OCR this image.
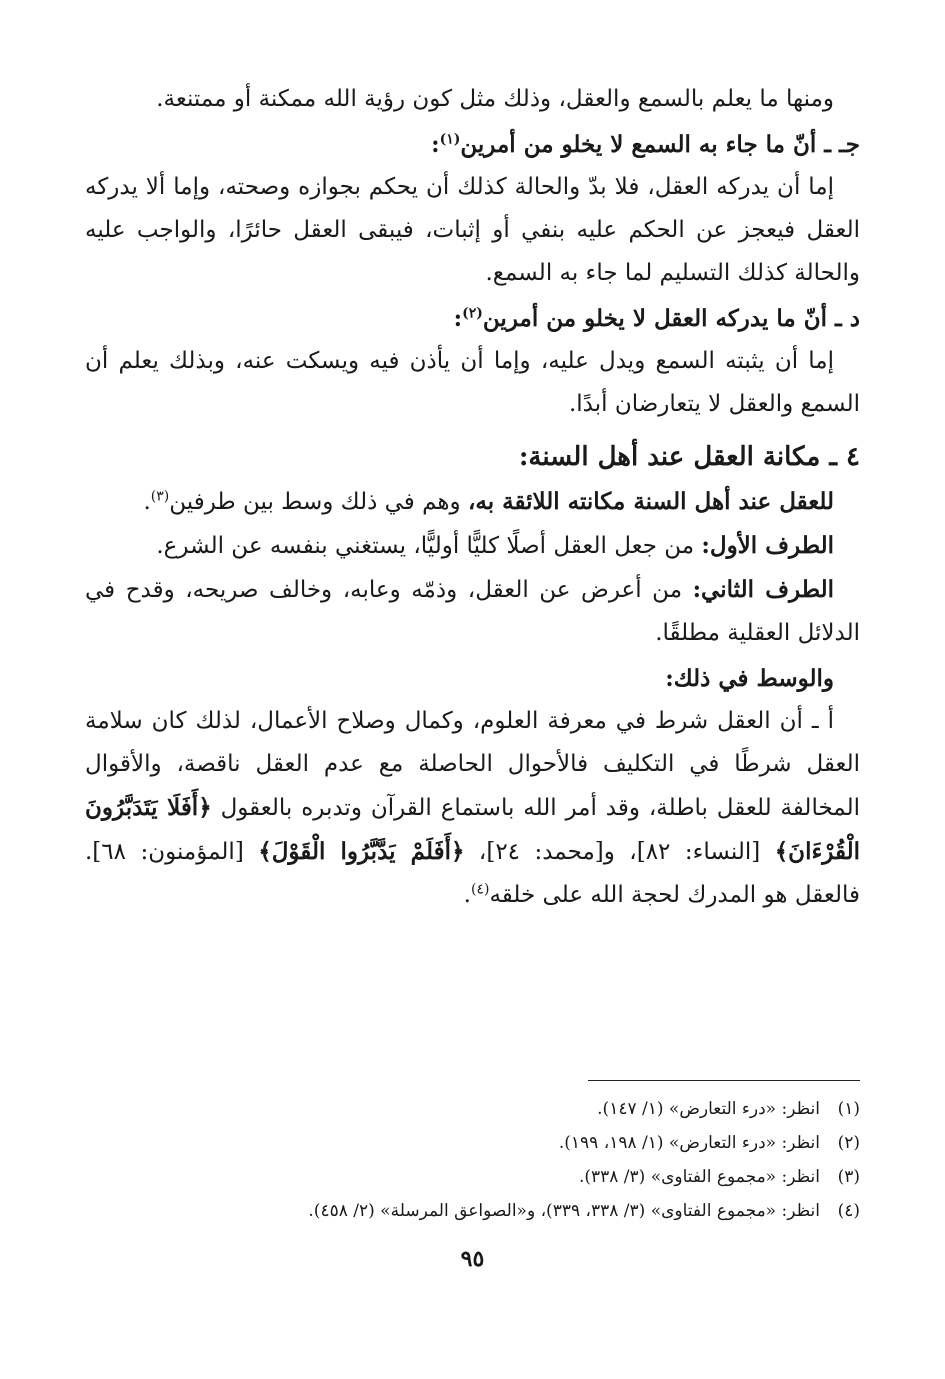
ومنها ما يعلم بالسمع والعقل، وذلك مثل كون رؤية الله ممكنة أو ممتنعة.

جـ ـ أنّ ما جاء به السمع لا يخلو من أمرين$^{(١)}$:

إما أن يدركه العقل، فلا بدّ والحالة كذلك أن يحكم بجوازه وصحته، وإما ألا يدركه العقل فيعجز عن الحكم عليه بنفي أو إثبات، فيبقى العقل حائرًا، والواجب عليه والحالة كذلك التسليم لما جاء به السمع.

د ـ أنّ ما يدركه العقل لا يخلو من أمرين$^{(٢)}$:

إما أن يثبته السمع ويدل عليه، وإما أن يأذن فيه ويسكت عنه، وبذلك يعلم أن السمع والعقل لا يتعارضان أبدًا.

٤ ـ مكانة العقل عند أهل السنة:

للعقل عند أهل السنة مكانته اللائقة به، وهم في ذلك وسط بين طرفين$^{(٣)}$.

الطرف الأول: من جعل العقل أصلًا كليًّا أوليًّا، يستغني بنفسه عن الشرع.

الطرف الثاني: من أعرض عن العقل، وذمّه وعابه، وخالف صريحه، وقدح في الدلائل العقلية مطلقًا.

والوسط في ذلك:

أ ـ أن العقل شرط في معرفة العلوم، وكمال وصلاح الأعمال، لذلك كان سلامة العقل شرطًا في التكليف فالأحوال الحاصلة مع عدم العقل ناقصة، والأقوال المخالفة للعقل باطلة، وقد أمر الله باستماع القرآن وتدبره بالعقول ﴿أَفَلَا يَتَدَبَّرُونَ الْقُرْءَانَ﴾ [النساء: ٨٢]، و[محمد: ٢٤]، ﴿أَفَلَمْ يَدَّبَّرُوا الْقَوْلَ﴾ [المؤمنون: ٦٨]. فالعقل هو المدرك لحجة الله على خلقه$^{(٤)}$.

(١)انظر: «درء التعارض» (١/ ١٤٧).

(٢)انظر: «درء التعارض» (١/ ١٩٨، ١٩٩).

(٣)انظر: «مجموع الفتاوى» (٣/ ٣٣٨).

(٤)انظر: «مجموع الفتاوى» (٣/ ٣٣٨، ٣٣٩)، و«الصواعق المرسلة» (٢/ ٤٥٨).

٩٥
